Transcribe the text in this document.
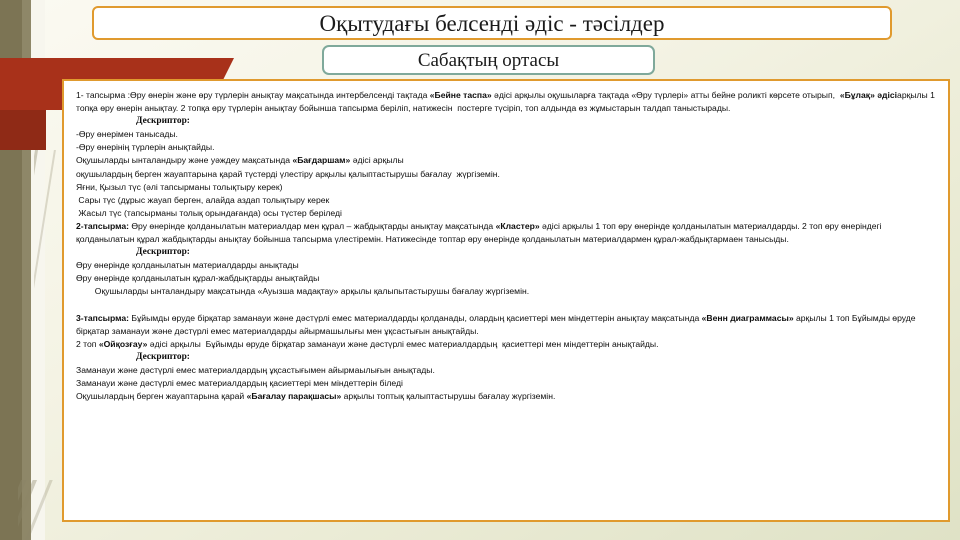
Оқытудағы белсенді әдіс - тәсілдер
Сабақтың ортасы

1- тапсырма :Өру өнерін және өру түрлерін анықтау мақсатында интербелсенді тақтада «Бейне таспа» әдісі арқылы оқушыларға тақтада «Өру түрлері» атты бейне роликті көрсете отырып,  «Бұлақ» әдісіарқылы 1 топқа өру өнерін анықтау. 2 топқа өру түрлерін анықтау бойынша тапсырма беріліп, натижесін  постерге түсіріп, топ алдында өз жұмыстарын талдап таныстырады.

Дескриптор:

-Өру өнерімен танысады.

-Өру өнерінің түрлерін анықтайды.

Оқушыларды ынталандыру және уәждеу мақсатында «Бағдаршам» әдісі арқылы

оқушылардың берген жауаптарына қарай түстерді үлестіру арқылы қалыптастырушы бағалау  жүргіземін.

Яғни, Қызыл түс (әлі тапсырманы толықтыру керек)

Сары түс (дұрыс жауап берген, алайда аздап толықтыру керек

Жасыл түс (тапсырманы толық орындағанда) осы түстер беріледі

2-тапсырма: Өру өнерінде қолданылатын материалдар мен құрал – жабдықтарды анықтау мақсатында «Кластер» әдісі арқылы 1 топ өру өнерінде қолданылатын материалдарды. 2 топ өру өнеріндегі қолданылатын құрал жабдықтарды анықтау бойынша тапсырма үлестіремін. Натижесінде топтар өру өнерінде қолданылатын материалдармен құрал-жабдықтармаен танысыды.

Дескриптор:

Өру өнерінде қолданылатын материалдарды анықтады

Өру өнерінде қолданылатын құрал-жабдықтарды анықтайды

Оқушыларды ынталандыру мақсатында «Ауызша мадақтау» арқылы қалыпытастырушы бағалау жүргіземін.

3-тапсырма: Бұйымды өруде бірқатар заманауи және дәстүрлі емес материалдарды қолданады, олардың қасиеттері мен міндеттерін анықтау мақсатында «Венн диаграммасы» арқылы 1 топ Бұйымды өруде бірқатар заманауи және дәстүрлі емес материалдарды айырмашылығы мен ұқсастығын анықтайды.

2 топ «Ойқозғау» әдісі арқылы  Бұйымды өруде бірқатар заманауи және дәстүрлі емес материалдардың  қасиеттері мен міндеттерін анықтайды.

Дескриптор:

Заманауи және дәстүрлі емес материалдардың ұқсастығымен айырмаылығын анықтады.

Заманауи және дәстүрлі емес материалдардың қасиеттері мен міндеттерін біледі

Оқушылардың берген жауаптарына қарай «Бағалау парақшасы» арқылы топтық қалыптастырушы бағалау жүргіземін.
